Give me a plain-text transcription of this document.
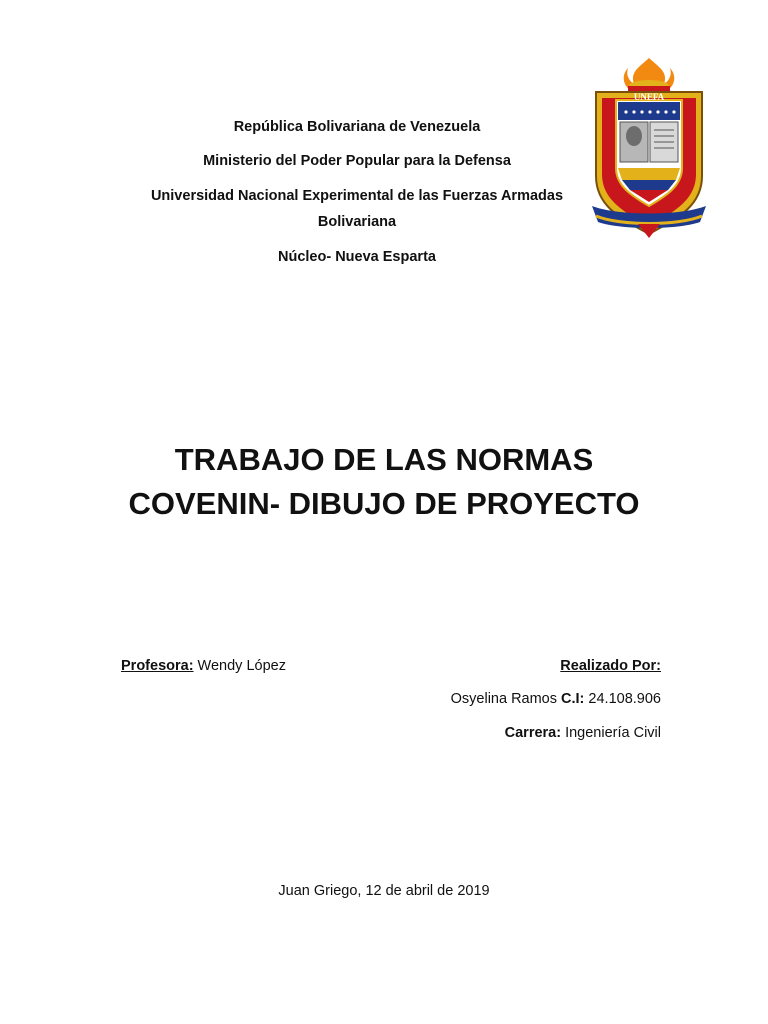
República Bolivariana de Venezuela
Ministerio del Poder Popular para la Defensa
Universidad Nacional Experimental de las Fuerzas Armadas
Bolivariana
Núcleo- Nueva Esparta
UNEFA
TRABAJO DE LAS NORMAS
COVENIN- DIBUJO DE PROYECTO
Profesora: Wendy López	Realizado Por:
Osyelina Ramos C.I: 24.108.906
Carrera: Ingeniería Civil
Juan Griego, 12 de abril de 2019
